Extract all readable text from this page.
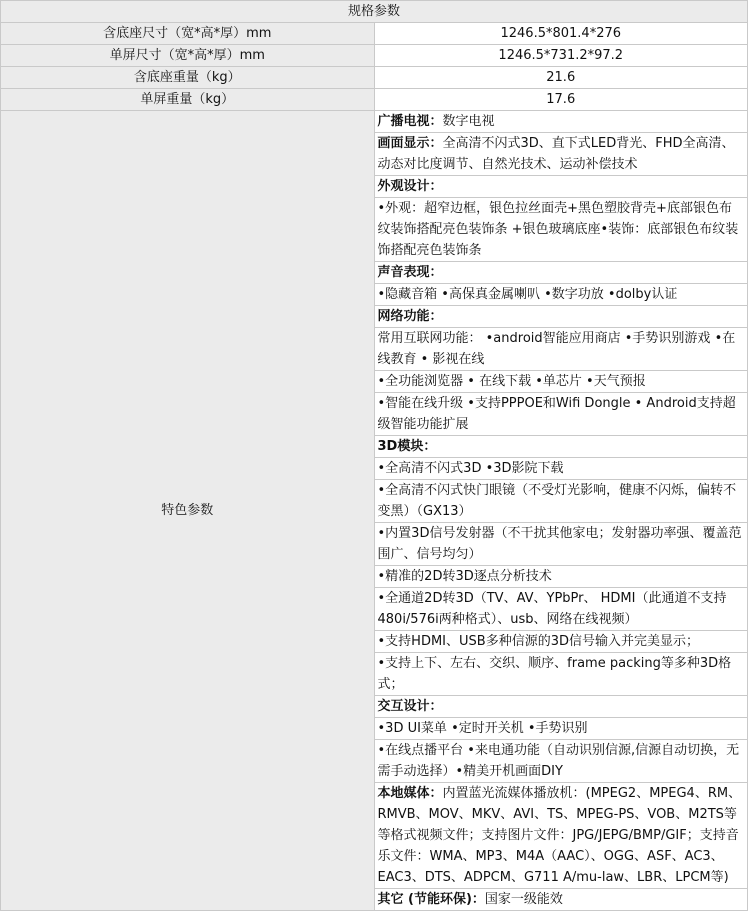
规格参数	
含底座尺寸（宽*高*厚）mm	1246.5*801.4*276
单屏尺寸（宽*高*厚）mm	1246.5*731.2*97.2
含底座重量（kg）	21.6
单屏重量（kg）	17.6
特色参数	广播电视：数字电视
	画面显示：全高清不闪式3D、直下式LED背光、FHD全高清、动态对比度调节、自然光技术、运动补偿技术
	外观设计：
	•外观：超窄边框，银色拉丝面壳+黑色塑胶背壳+底部银色布纹装饰搭配亮色装饰条 +银色玻璃底座•装饰：底部银色布纹装饰搭配亮色装饰条
	声音表现：
	•隐藏音箱 •高保真金属喇叭 •数字功放 •dolby认证
	网络功能：
	常用互联网功能： •android智能应用商店 •手势识别游戏 •在线教育 • 影视在线
	•全功能浏览器 • 在线下载 •单芯片 •天气预报
	•智能在线升级 •支持PPPOE和Wifi Dongle • Android支持超级智能功能扩展
	3D模块：
	•全高清不闪式3D •3D影院下载
	•全高清不闪式快门眼镜（不受灯光影响，健康不闪烁，偏转不变黑）（GX13）
	•内置3D信号发射器（不干扰其他家电；发射器功率强、覆盖范围广、信号均匀）
	•精准的2D转3D逐点分析技术
	•全通道2D转3D（TV、AV、YPbPr、 HDMI（此通道不支持480i/576i两种格式）、usb、网络在线视频）
	•支持HDMI、USB多种信源的3D信号输入并完美显示；
	•支持上下、左右、交织、顺序、frame packing等多种3D格式；
	交互设计：
	•3D UI菜单 •定时开关机 •手势识别
	•在线点播平台 •来电通功能（自动识别信源,信源自动切换，无需手动选择）•精美开机画面DIY
	本地媒体：内置蓝光流媒体播放机：(MPEG2、MPEG4、RM、RMVB、MOV、MKV、AVI、TS、MPEG-PS、VOB、M2TS等等格式视频文件；支持图片文件：JPG/JEPG/BMP/GIF；支持音乐文件：WMA、MP3、M4A（AAC）、OGG、ASF、AC3、EAC3、DTS、ADPCM、G711 A/mu-law、LBR、LPCM等)
	其它 (节能环保)：国家一级能效
